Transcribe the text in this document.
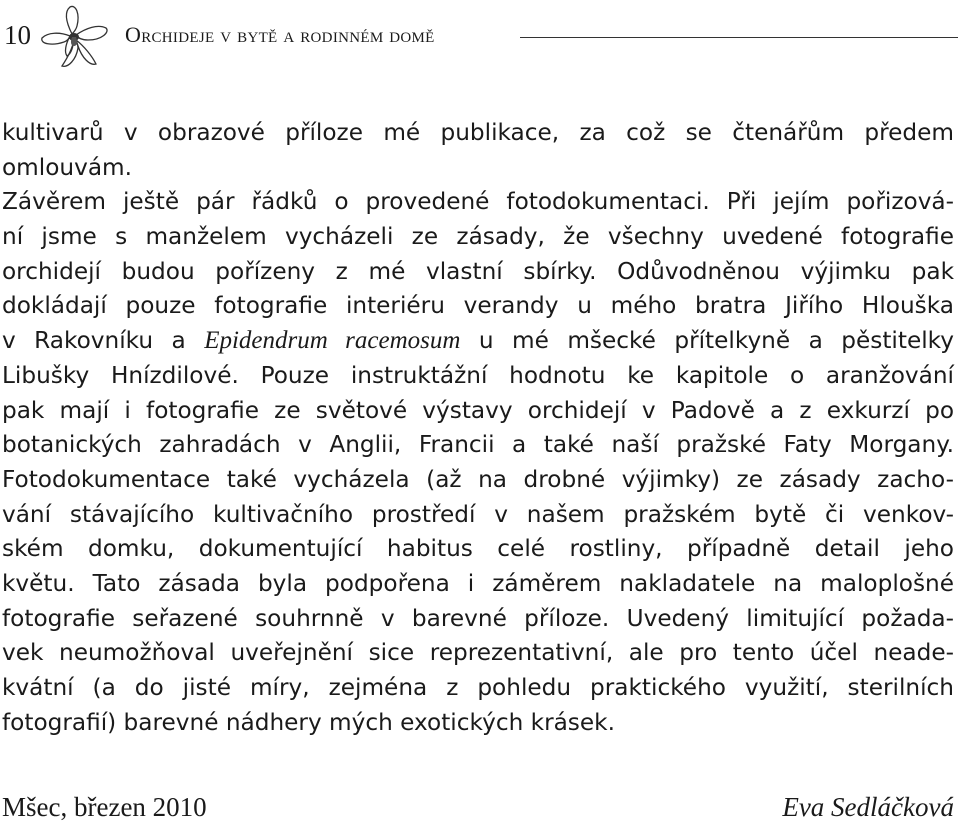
10	Orchideje v bytě a rodinném domě
kultivarů v obrazové příloze mé publikace, za což se čtenářům předem
omlouvám.
Závěrem ještě pár řádků o provedené fotodokumentaci. Při jejím pořizová-
ní jsme s manželem vycházeli ze zásady, že všechny uvedené fotografie
orchidejí budou pořízeny z mé vlastní sbírky. Odůvodněnou výjimku pak
dokládají pouze fotografie interiéru verandy u mého bratra Jiřího Hlouška
v Rakovníku a Epidendrum racemosum u mé mšecké přítelkyně a pěstitelky
Libušky Hnízdilové. Pouze instruktážní hodnotu ke kapitole o aranžování
pak mají i fotografie ze světové výstavy orchidejí v Padově a z exkurzí po
botanických zahradách v Anglii, Francii a také naší pražské Faty Morgany.
Fotodokumentace také vycházela (až na drobné výjimky) ze zásady zacho-
vání stávajícího kultivačního prostředí v našem pražském bytě či venkov-
ském domku, dokumentující habitus celé rostliny, případně detail jeho
květu. Tato zásada byla podpořena i záměrem nakladatele na maloplošné
fotografie seřazené souhrnně v barevné příloze. Uvedený limitující požada-
vek neumožňoval uveřejnění sice reprezentativní, ale pro tento účel neade-
kvátní (a do jisté míry, zejména z pohledu praktického využití, sterilních
fotografií) barevné nádhery mých exotických krásek.
Mšec, březen 2010	Eva Sedláčková
